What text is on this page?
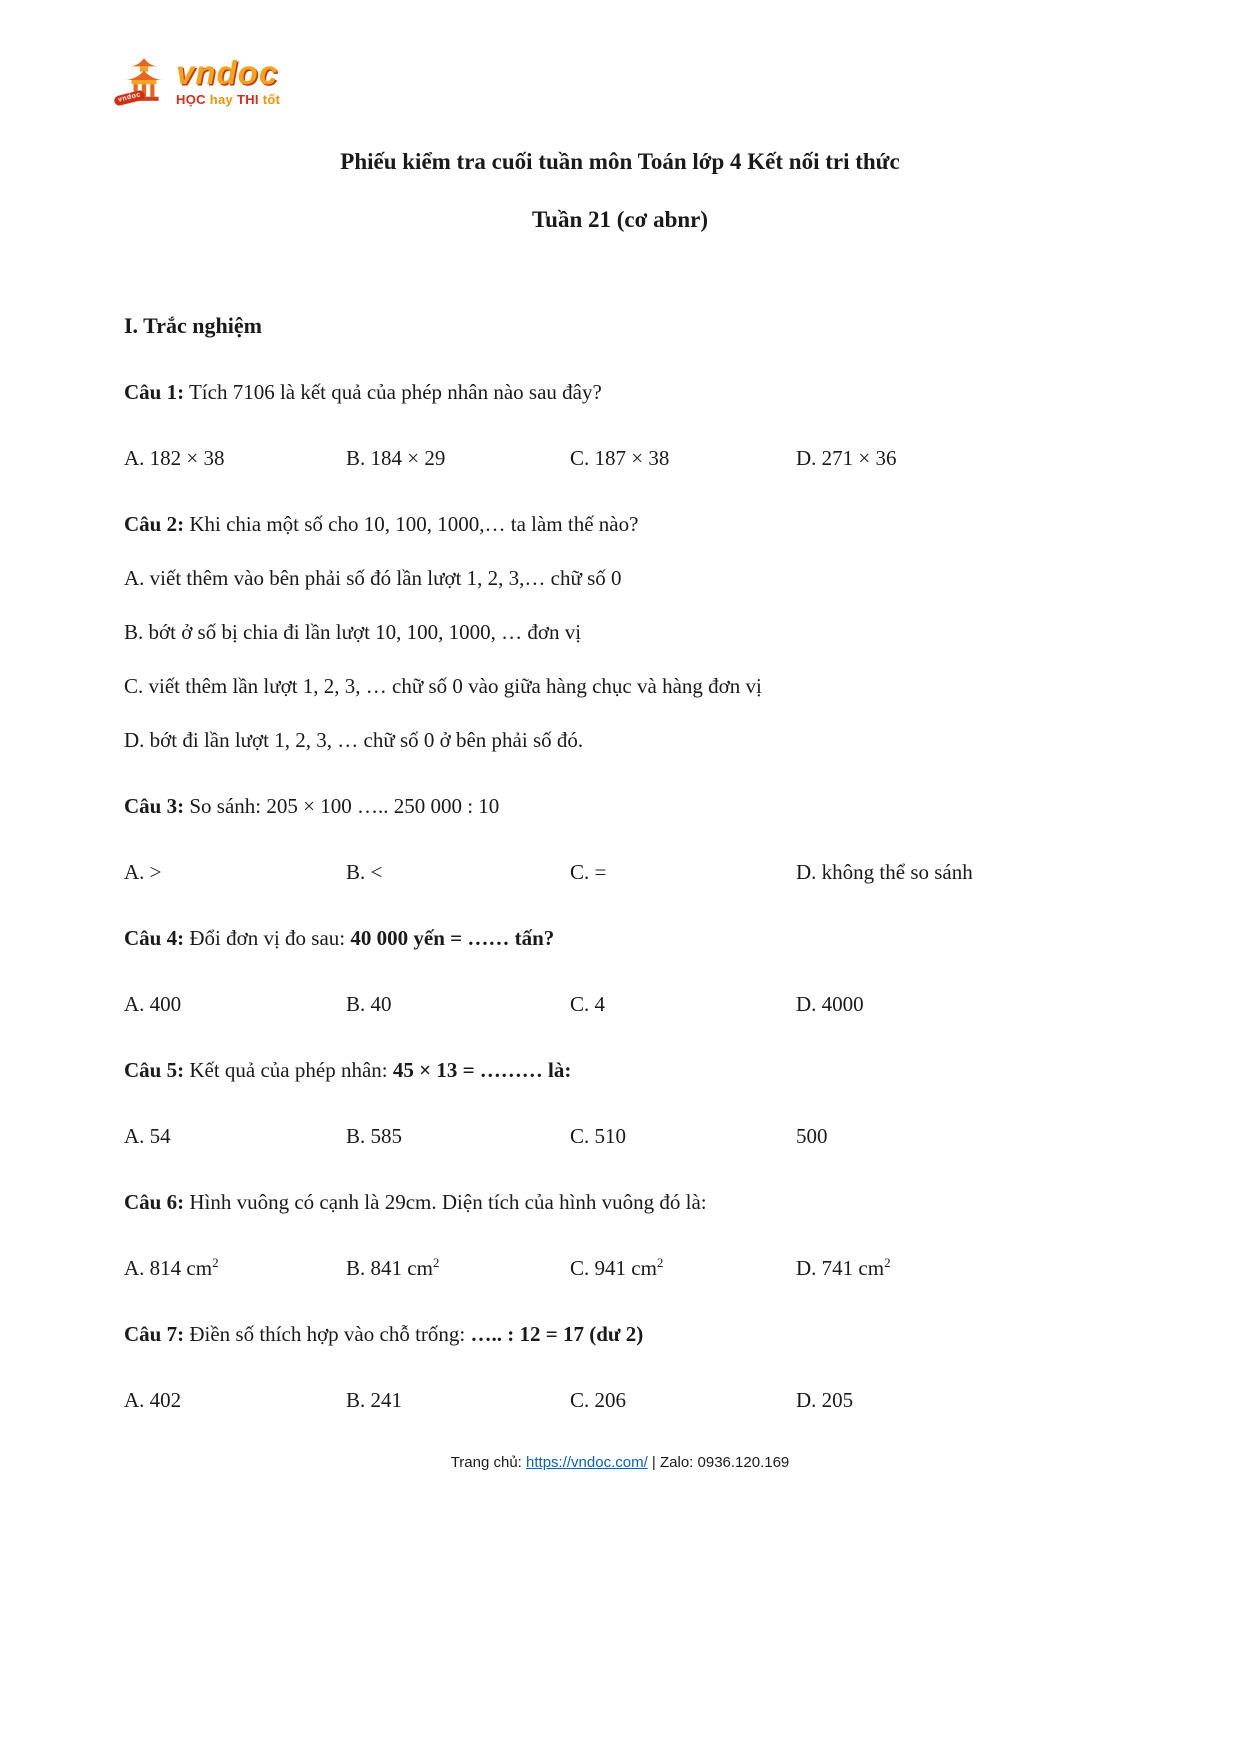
vndoc
vndoc
HỌC hay THI tốt
Phiếu kiểm tra cuối tuần môn Toán lớp 4 Kết nối tri thức
Tuần 21 (cơ abnr)
I. Trắc nghiệm

Câu 1: Tích 7106 là kết quả của phép nhân nào sau đây?

A. 182 × 38	B. 184 × 29	C. 187 × 38	D. 271 × 36

Câu 2: Khi chia một số cho 10, 100, 1000,… ta làm thế nào?

A. viết thêm vào bên phải số đó lần lượt 1, 2, 3,… chữ số 0

B. bớt ở số bị chia đi lần lượt 10, 100, 1000, … đơn vị

C. viết thêm lần lượt 1, 2, 3, … chữ số 0 vào giữa hàng chục và hàng đơn vị

D. bớt đi lần lượt 1, 2, 3, … chữ số 0 ở bên phải số đó.

Câu 3: So sánh: 205 × 100 ….. 250 000 : 10

A. >	B. <	C. =	D. không thể so sánh

Câu 4: Đổi đơn vị đo sau: 40 000 yến = …… tấn?

A. 400	B. 40	C. 4	D. 4000

Câu 5: Kết quả của phép nhân: 45 × 13 = ……… là:

A. 54	B. 585	C. 510	500

Câu 6: Hình vuông có cạnh là 29cm. Diện tích của hình vuông đó là:

A. 814 $cm^2$	B. 841 $cm^2$	C. 941 $cm^2$	D. 741 $cm^2$

Câu 7: Điền số thích hợp vào chỗ trống: ….. : 12 = 17 (dư 2)

A. 402	B. 241	C. 206	D. 205
Trang chủ: https://vndoc.com/ | Zalo: 0936.120.169
